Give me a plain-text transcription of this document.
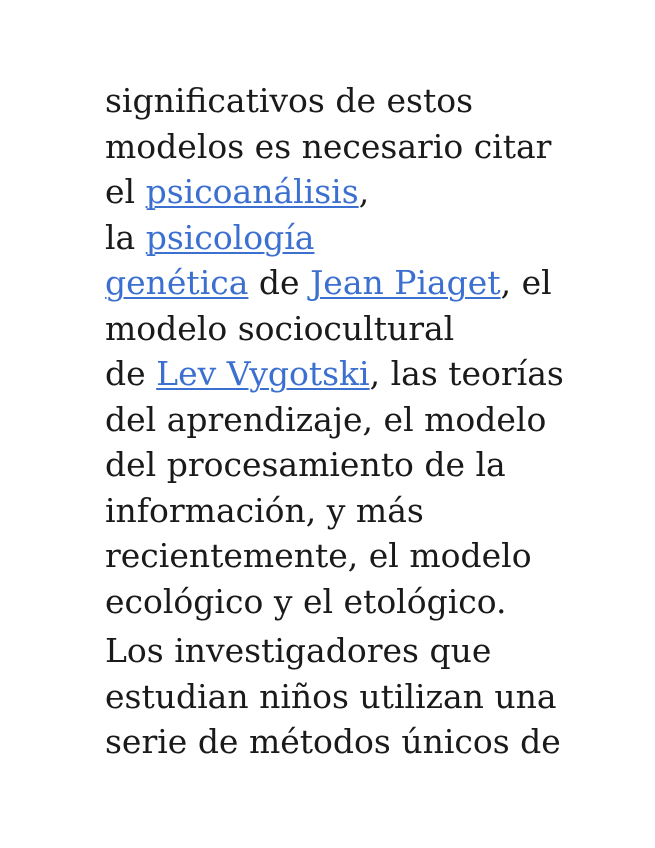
significativos de estos
modelos es necesario citar
el psicoanálisis,
la psicología
genética de Jean Piaget, el
modelo sociocultural
de Lev Vygotski, las teorías
del aprendizaje, el modelo
del procesamiento de la
información, y más
recientemente, el modelo
ecológico y el etológico.
Los investigadores que
estudian niños utilizan una
serie de métodos únicos de
